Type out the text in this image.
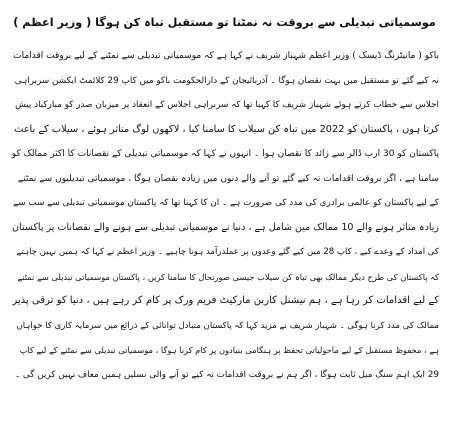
موسمیاتی تبدیلی سے بروقت نہ نمٹنا تو مستقبل تباہ کن ہوگا ( وزیر اعظم )
باکو ( مانیٹرنگ ڈیسک ) وزیر اعظم شہباز شریف نے کہا ہے کہ موسمیاتی تبدیلی سے نمٹنے کے لیے بروقت اقدامات
نہ کیے گئے تو مستقبل میں بہت نقصان ہوگا ۔ آذربائیجان کے دارالحکومت باکو میں کاپ 29 کلائمٹ ایکشن سربراہی
اجلاس سے خطاب کرتے ہوئے شہباز شریف کا کہنا تھا کہ سربراہی اجلاس کے انعقاد پر میزبان صدر کو مبارکباد پیش
کرتا ہوں ، پاکستان کو 2022 میں تباہ کن سیلاب کا سامنا کیا ، لاکھوں لوگ متاثر ہوئے ، سیلاب کے باعث
پاکستان کو 30 ارب ڈالر سے زائد کا نقصان ہوا ۔ انہوں نے کہا کہ موسمیاتی تبدیلی کے نقصانات کا اکثر ممالک کو
سامنا ہے ، اگر بروقت اقدامات نہ کیے گئے تو آنے والے دنوں میں زیادہ نقصان ہوگا ، موسمیاتی تبدیلیوں سے نمٹنے
کے لیے پاکستان کو عالمی برادری کی مدد کی ضرورت ہے ۔ ان کا کہنا تھا کہ پاکستان موسمیاتی تبدیلی سے سب سے
زیادہ متاثر ہونے والے 10 ممالک میں شامل ہے ، دنیا نے موسمیاتی تبدیلی سے ہونے والے نقصانات پر پاکستان
کی امداد کے وعدے کیے ، کاپ 28 میں کیے گئے وعدوں پر عملدرآمد ہونا چاہیے ۔ وزیر اعظم نے کہا کہ ہمیں نہیں چاہتے
کہ پاکستان کی طرح دیگر ممالک بھی تباہ کن سیلاب جیسی صورتحال کا سامنا کریں ، پاکستان موسمیاتی تبدیلی سے نمٹنے
کے لیے اقدامات کر رہا ہے ، ہم نیشنل کاربن مارکیٹ فریم ورک پر کام کر رہے ہیں ، دنیا کو ترقی پذیر
ممالک کی مدد کرنا ہوگی ۔ شہباز شریف نے مزید کہا کہ پاکستان متبادل توانائی کے ذرائع میں سرمایہ کاری کا خواہاں
ہے ، محفوظ مستقبل کے لیے ماحولیاتی تحفظ پر ہنگامی بنیادوں پر کام کرنا ہوگا ، موسمیاتی تبدیلی سے نمٹنے کے لیے کاپ
29 ایک اہم سنگ میل ثابت ہوگا ، اگر ہم نے بروقت اقدامات نہ کیے تو آنے والی نسلیں ہمیں معاف نہیں کریں گی ۔
